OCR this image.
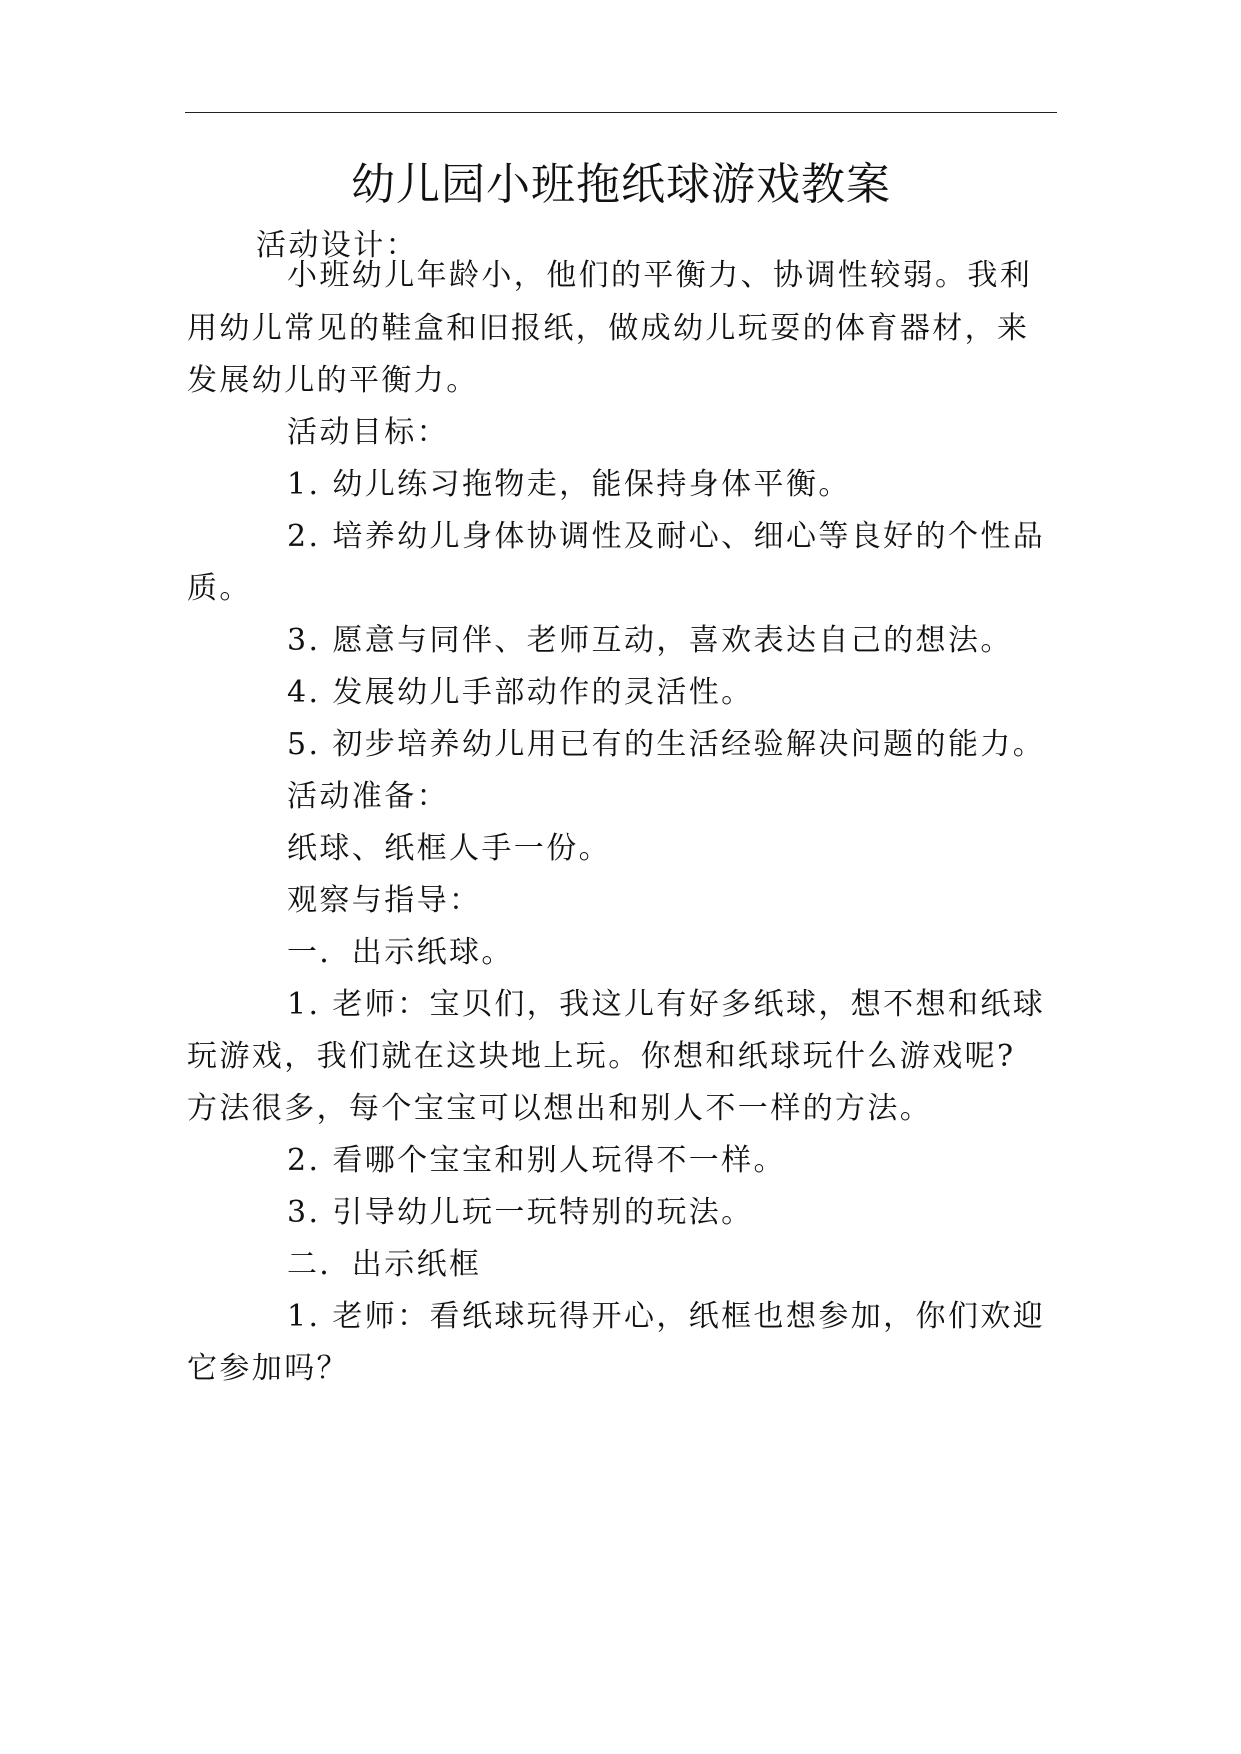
幼儿园小班拖纸球游戏教案
活动设计：
小班幼儿年龄小，他们的平衡力、协调性较弱。我利
用幼儿常见的鞋盒和旧报纸，做成幼儿玩耍的体育器材，来
发展幼儿的平衡力。
活动目标：
1. 幼儿练习拖物走，能保持身体平衡。
2. 培养幼儿身体协调性及耐心、细心等良好的个性品
质。
3. 愿意与同伴、老师互动，喜欢表达自己的想法。
4. 发展幼儿手部动作的灵活性。
5. 初步培养幼儿用已有的生活经验解决问题的能力。
活动准备：
纸球、纸框人手一份。
观察与指导：
一．出示纸球。
1. 老师：宝贝们，我这儿有好多纸球，想不想和纸球
玩游戏，我们就在这块地上玩。你想和纸球玩什么游戏呢?
方法很多，每个宝宝可以想出和别人不一样的方法。
2. 看哪个宝宝和别人玩得不一样。
3. 引导幼儿玩一玩特别的玩法。
二．出示纸框
1. 老师：看纸球玩得开心，纸框也想参加，你们欢迎
它参加吗？
